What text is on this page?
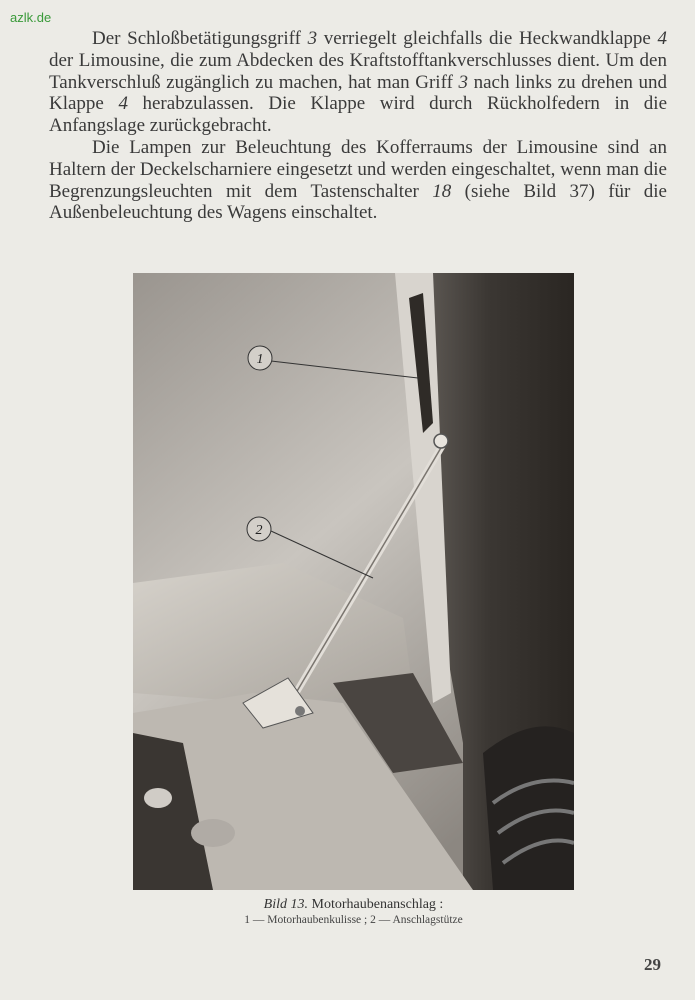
azlk.de

Der Schloßbetätigungsgriff 3 verriegelt gleichfalls die Heckwandklappe 4 der Limousine, die zum Abdecken des Kraftstofftankverschlusses dient. Um den Tankverschluß zugänglich zu machen, hat man Griff 3 nach links zu drehen und Klappe 4 herabzulassen. Die Klappe wird durch Rückholfedern in die Anfangslage zurückgebracht.

Die Lampen zur Beleuchtung des Kofferraums der Limousine sind an Haltern der Deckelscharniere eingesetzt und werden eingeschaltet, wenn man die Begrenzungsleuchten mit dem Tastenschalter 18 (siehe Bild 37) für die Außenbeleuchtung des Wagens einschaltet.

1
2
Bild 13. Motorhaubenanschlag :
1 — Motorhaubenkulisse ; 2 — Anschlagstütze
29
